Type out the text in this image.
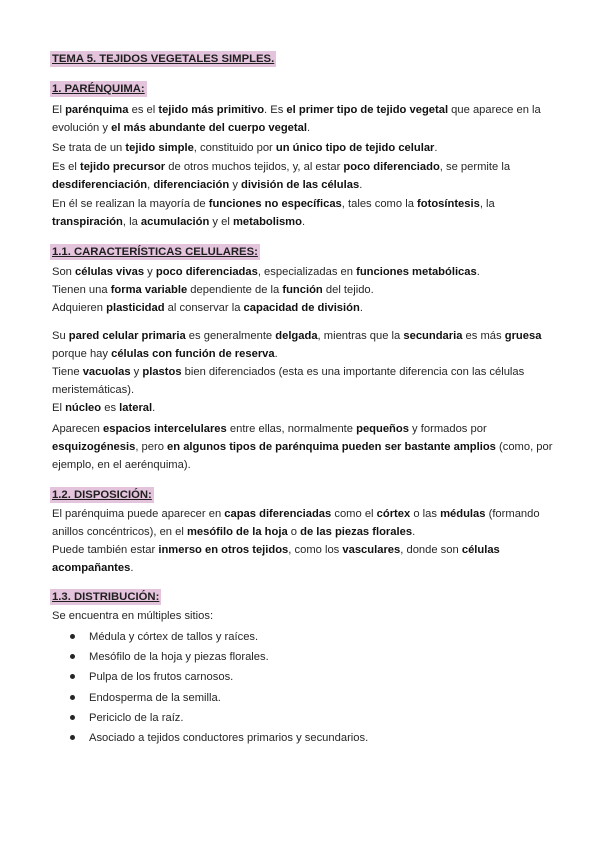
TEMA 5. TEJIDOS VEGETALES SIMPLES.
1. PARÉNQUIMA:
El parénquima es el tejido más primitivo. Es el primer tipo de tejido vegetal que aparece en la evolución y el más abundante del cuerpo vegetal.
Se trata de un tejido simple, constituido por un único tipo de tejido celular.
Es el tejido precursor de otros muchos tejidos, y, al estar poco diferenciado, se permite la desdiferenciación, diferenciación y división de las células.
En él se realizan la mayoría de funciones no específicas, tales como la fotosíntesis, la transpiración, la acumulación y el metabolismo.
1.1. CARACTERÍSTICAS CELULARES:
Son células vivas y poco diferenciadas, especializadas en funciones metabólicas.
Tienen una forma variable dependiente de la función del tejido.
Adquieren plasticidad al conservar la capacidad de división.
Su pared celular primaria es generalmente delgada, mientras que la secundaria es más gruesa porque hay células con función de reserva.
Tiene vacuolas y plastos bien diferenciados (esta es una importante diferencia con las células meristemáticas).
El núcleo es lateral.
Aparecen espacios intercelulares entre ellas, normalmente pequeños y formados por esquizogénesis, pero en algunos tipos de parénquima pueden ser bastante amplios (como, por ejemplo, en el aerénquima).
1.2. DISPOSICIÓN:
El parénquima puede aparecer en capas diferenciadas como el córtex o las médulas (formando anillos concéntricos), en el mesófilo de la hoja o de las piezas florales.
Puede también estar inmerso en otros tejidos, como los vasculares, donde son células acompañantes.
1.3. DISTRIBUCIÓN:
Se encuentra en múltiples sitios:
Médula y córtex de tallos y raíces.
Mesófilo de la hoja y piezas florales.
Pulpa de los frutos carnosos.
Endosperma de la semilla.
Periciclo de la raíz.
Asociado a tejidos conductores primarios y secundarios.
